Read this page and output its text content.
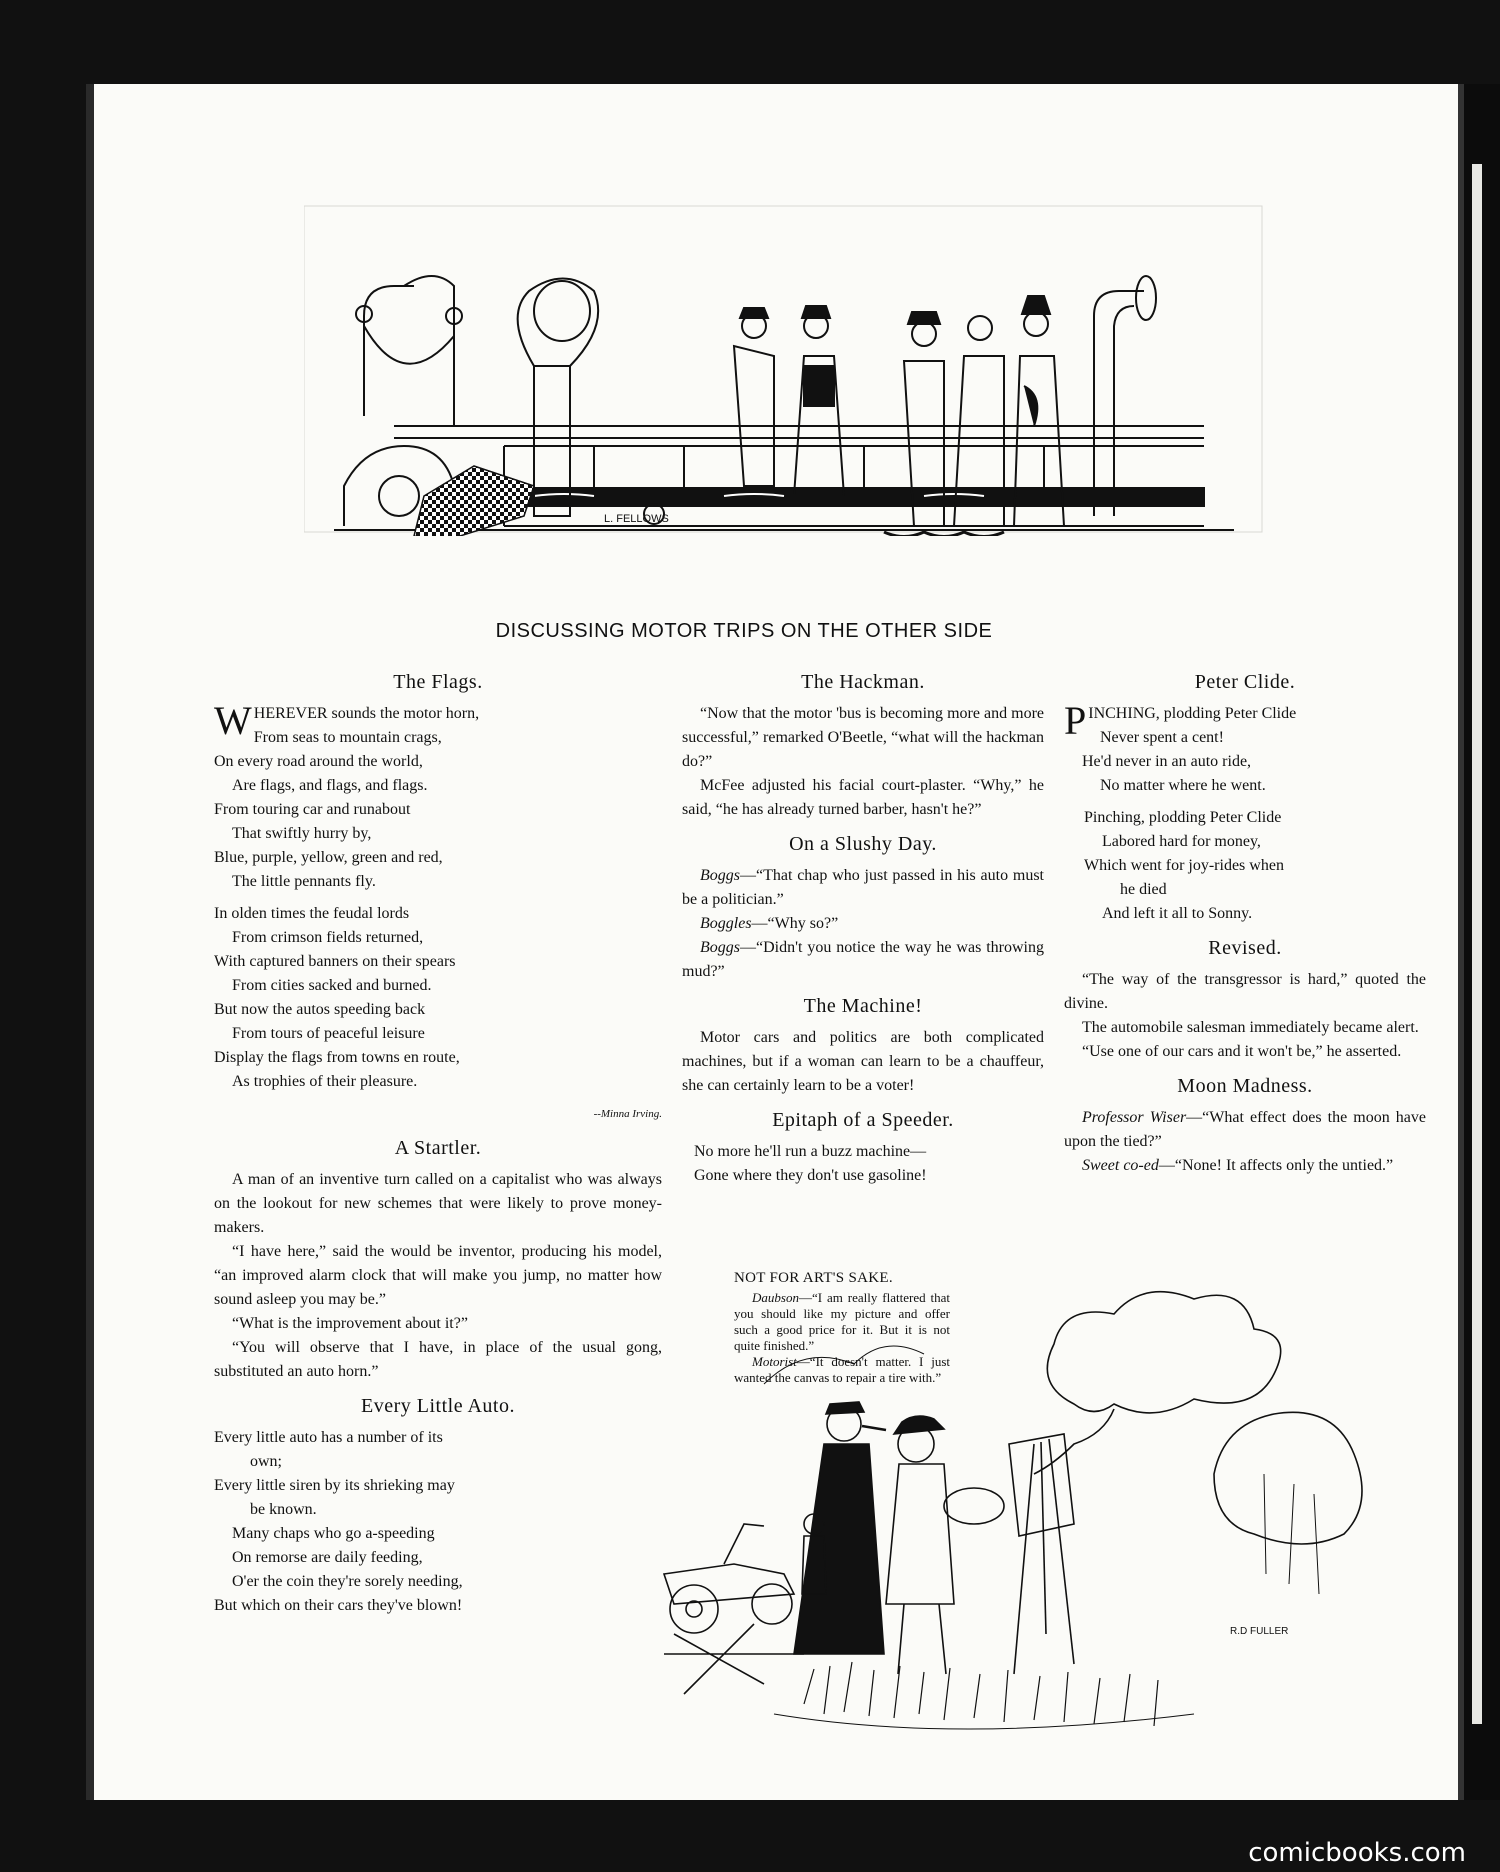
L. FELLOWS
DISCUSSING MOTOR TRIPS ON THE OTHER SIDE
The Flags.
W HEREVER sounds the motor horn,
From seas to mountain crags,
On every road around the world,
Are flags, and flags, and flags.
From touring car and runabout
That swiftly hurry by,
Blue, purple, yellow, green and red,
The little pennants fly.
In olden times the feudal lords
From crimson fields returned,
With captured banners on their spears
From cities sacked and burned.
But now the autos speeding back
From tours of peaceful leisure
Display the flags from towns en route,
As trophies of their pleasure.
--Minna Irving.
A Startler.

A man of an inventive turn called on a capitalist who was always on the lookout for new schemes that were likely to prove money-makers.

“I have here,” said the would be inventor, producing his model, “an improved alarm clock that will make you jump, no matter how sound asleep you may be.”

“What is the improvement about it?”

“You will observe that I have, in place of the usual gong, substituted an auto horn.”

Every Little Auto.
Every little auto has a number of its
own;
Every little siren by its shrieking may
be known.
Many chaps who go a-speeding
On remorse are daily feeding,
O'er the coin they're sorely needing,
But which on their cars they've blown!
The Hackman.

“Now that the motor 'bus is becoming more and more successful,” remarked O'Beetle, “what will the hackman do?”

McFee adjusted his facial court-plaster. “Why,” he said, “he has already turned barber, hasn't he?”

On a Slushy Day.

Boggs—“That chap who just passed in his auto must be a politician.”

Boggles—“Why so?”

Boggs—“Didn't you notice the way he was throwing mud?”

The Machine!

Motor cars and politics are both complicated machines, but if a woman can learn to be a chauffeur, she can certainly learn to be a voter!

Epitaph of a Speeder.
No more he'll run a buzz machine—
Gone where they don't use gasoline!
Peter Clide.
P INCHING, plodding Peter Clide
Never spent a cent!
He'd never in an auto ride,
No matter where he went.
Pinching, plodding Peter Clide
Labored hard for money,
Which went for joy-rides when
he died
And left it all to Sonny.
Revised.

“The way of the transgressor is hard,” quoted the divine.

The automobile salesman immediately became alert.

“Use one of our cars and it won't be,” he asserted.

Moon Madness.

Professor Wiser—“What effect does the moon have upon the tied?”

Sweet co-ed—“None! It affects only the untied.”

NOT FOR ART'S SAKE.

Daubson—“I am really flattered that you should like my picture and offer such a good price for it. But it is not quite finished.”

Motorist—“It doesn't matter. I just wanted the canvas to repair a tire with.”

R.D FULLER
comicbooks.com
